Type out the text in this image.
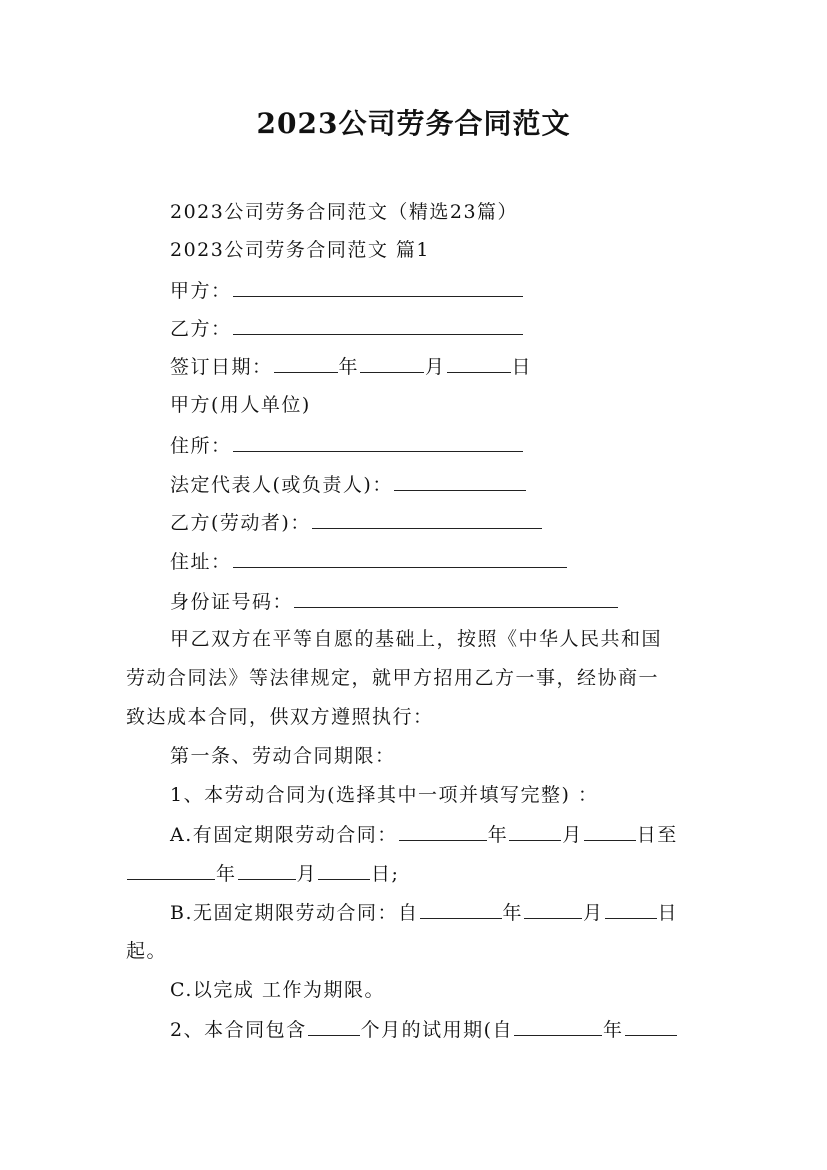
2023公司劳务合同范文
2023公司劳务合同范文（精选23篇）
2023公司劳务合同范文 篇1
甲方：
乙方：
签订日期：	年	月	日
甲方(用人单位)
住所：
法定代表人(或负责人)：
乙方(劳动者)：
住址：
身份证号码：
甲乙双方在平等自愿的基础上，按照《中华人民共和国
劳动合同法》等法律规定，就甲方招用乙方一事，经协商一
致达成本合同，供双方遵照执行：
第一条、劳动合同期限：
1、本劳动合同为(选择其中一项并填写完整) ：
A.有固定期限劳动合同：	年	月	日至
年	月	日;
B.无固定期限劳动合同：自	年	月	日
起。
C.以完成 工作为期限。
2、本合同包含	个月的试用期(自	年
